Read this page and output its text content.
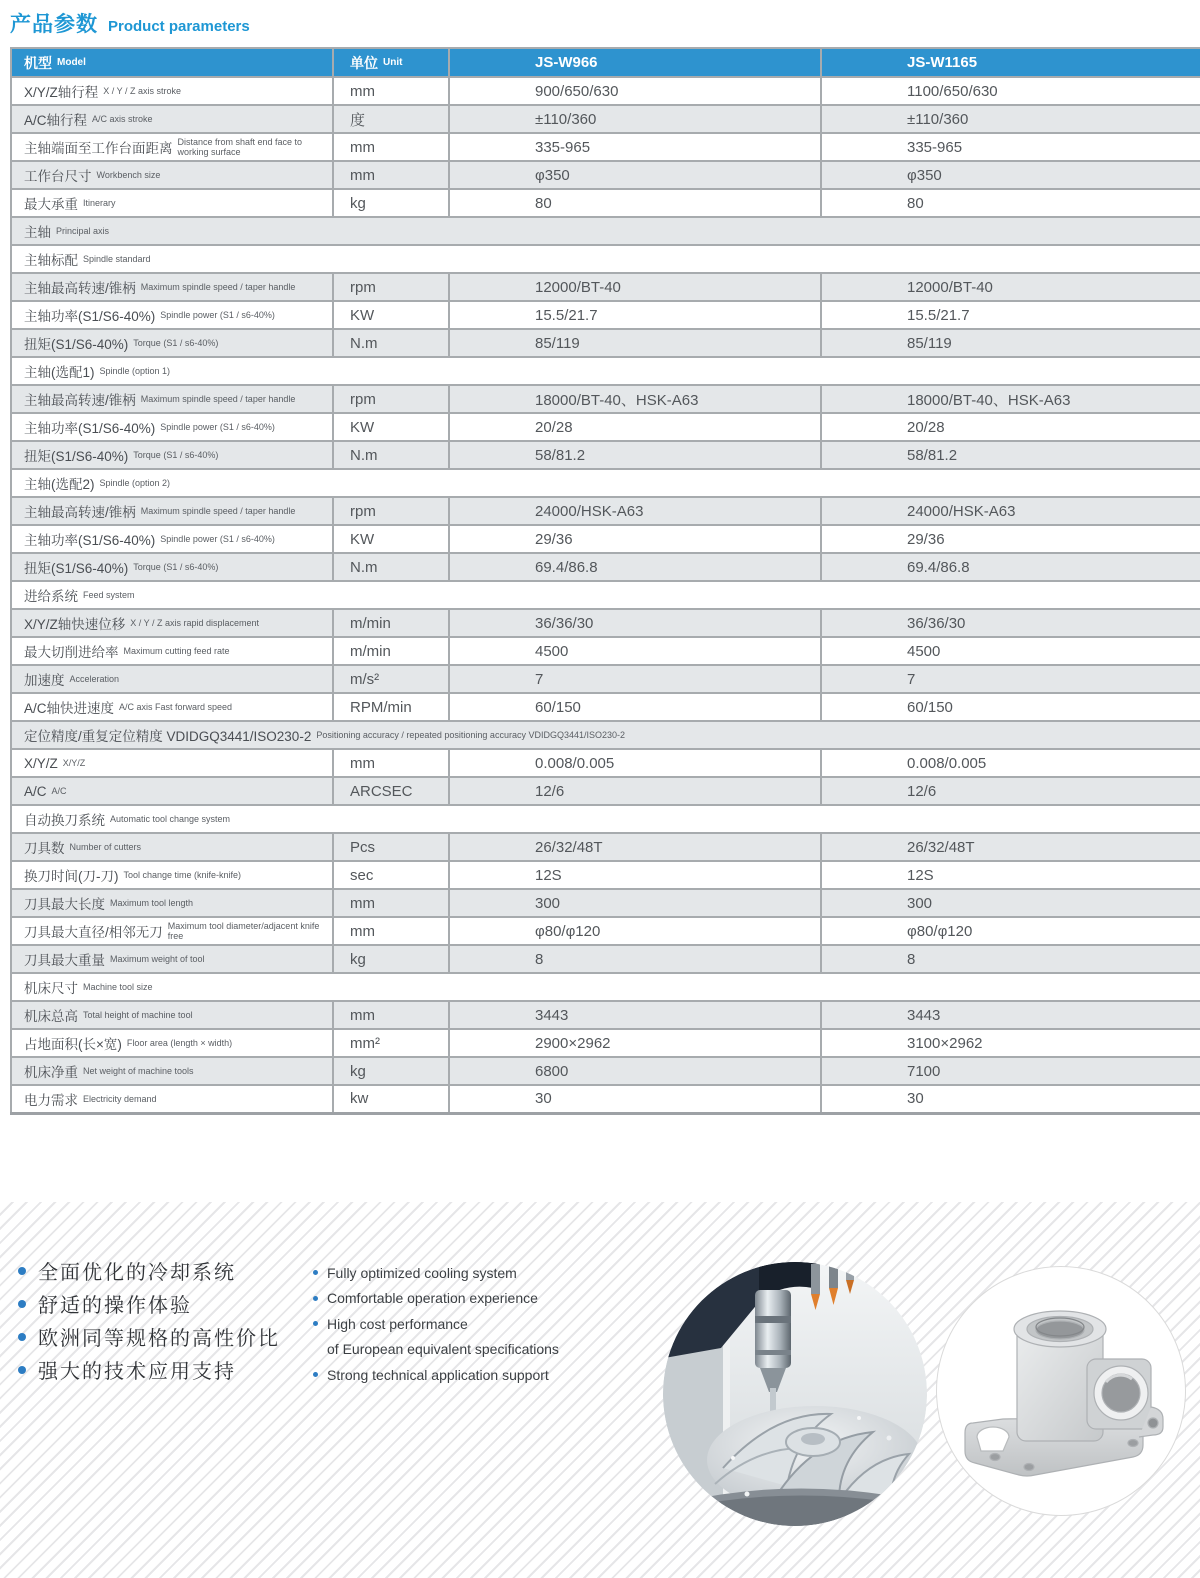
产品参数 Product parameters
机型 Model	单位 Unit	JS-W966	JS-W1165

X/Y/Z轴行程 X / Y / Z axis stroke	mm	900/650/630	1100/650/630

A/C轴行程 A/C axis stroke	度	±110/360	±110/360

主轴端面至工作台面距离 Distance from shaft end face to working surface	mm	335-965	335-965

工作台尺寸 Workbench size	mm	φ350	φ350

最大承重 Itinerary	kg	80	80

主轴 Principal axis			

主轴标配 Spindle standard			

主轴最高转速/锥柄 Maximum spindle speed / taper handle	rpm	12000/BT-40	12000/BT-40

主轴功率(S1/S6-40%) Spindle power (S1 / s6-40%)	KW	15.5/21.7	15.5/21.7

扭矩(S1/S6-40%) Torque (S1 / s6-40%)	N.m	85/119	85/119

主轴(选配1) Spindle (option 1)			

主轴最高转速/锥柄 Maximum spindle speed / taper handle	rpm	18000/BT-40、HSK-A63	18000/BT-40、HSK-A63

主轴功率(S1/S6-40%) Spindle power (S1 / s6-40%)	KW	20/28	20/28

扭矩(S1/S6-40%) Torque (S1 / s6-40%)	N.m	58/81.2	58/81.2

主轴(选配2) Spindle (option 2)			

主轴最高转速/锥柄 Maximum spindle speed / taper handle	rpm	24000/HSK-A63	24000/HSK-A63

主轴功率(S1/S6-40%) Spindle power (S1 / s6-40%)	KW	29/36	29/36

扭矩(S1/S6-40%) Torque (S1 / s6-40%)	N.m	69.4/86.8	69.4/86.8

进给系统 Feed system			

X/Y/Z轴快速位移 X / Y / Z axis rapid displacement	m/min	36/36/30	36/36/30

最大切削进给率 Maximum cutting feed rate	m/min	4500	4500

加速度 Acceleration	m/s²	7	7

A/C轴快进速度 A/C axis Fast forward speed	RPM/min	60/150	60/150

定位精度/重复定位精度 VDIDGQ3441/ISO230-2 Positioning accuracy / repeated positioning accuracy VDIDGQ3441/ISO230-2			

X/Y/Z X/Y/Z	mm	0.008/0.005	0.008/0.005

A/C A/C	ARCSEC	12/6	12/6

自动换刀系统 Automatic tool change system			

刀具数 Number of cutters	Pcs	26/32/48T	26/32/48T

换刀时间(刀-刀) Tool change time (knife-knife)	sec	12S	12S

刀具最大长度 Maximum tool length	mm	300	300

刀具最大直径/相邻无刀 Maximum tool diameter/adjacent knife free	mm	φ80/φ120	φ80/φ120

刀具最大重量 Maximum weight of tool	kg	8	8

机床尺寸 Machine tool size			

机床总高 Total height of machine tool	mm	3443	3443

占地面积(长×宽) Floor area (length × width)	mm²	2900×2962	3100×2962

机床净重 Net weight of machine tools	kg	6800	7100

电力需求 Electricity demand	kw	30	30
全面优化的冷却系统
舒适的操作体验
欧洲同等规格的高性价比
强大的技术应用支持
Fully optimized cooling system
Comfortable operation experience
High cost performance
of European equivalent specifications
Strong technical application support
